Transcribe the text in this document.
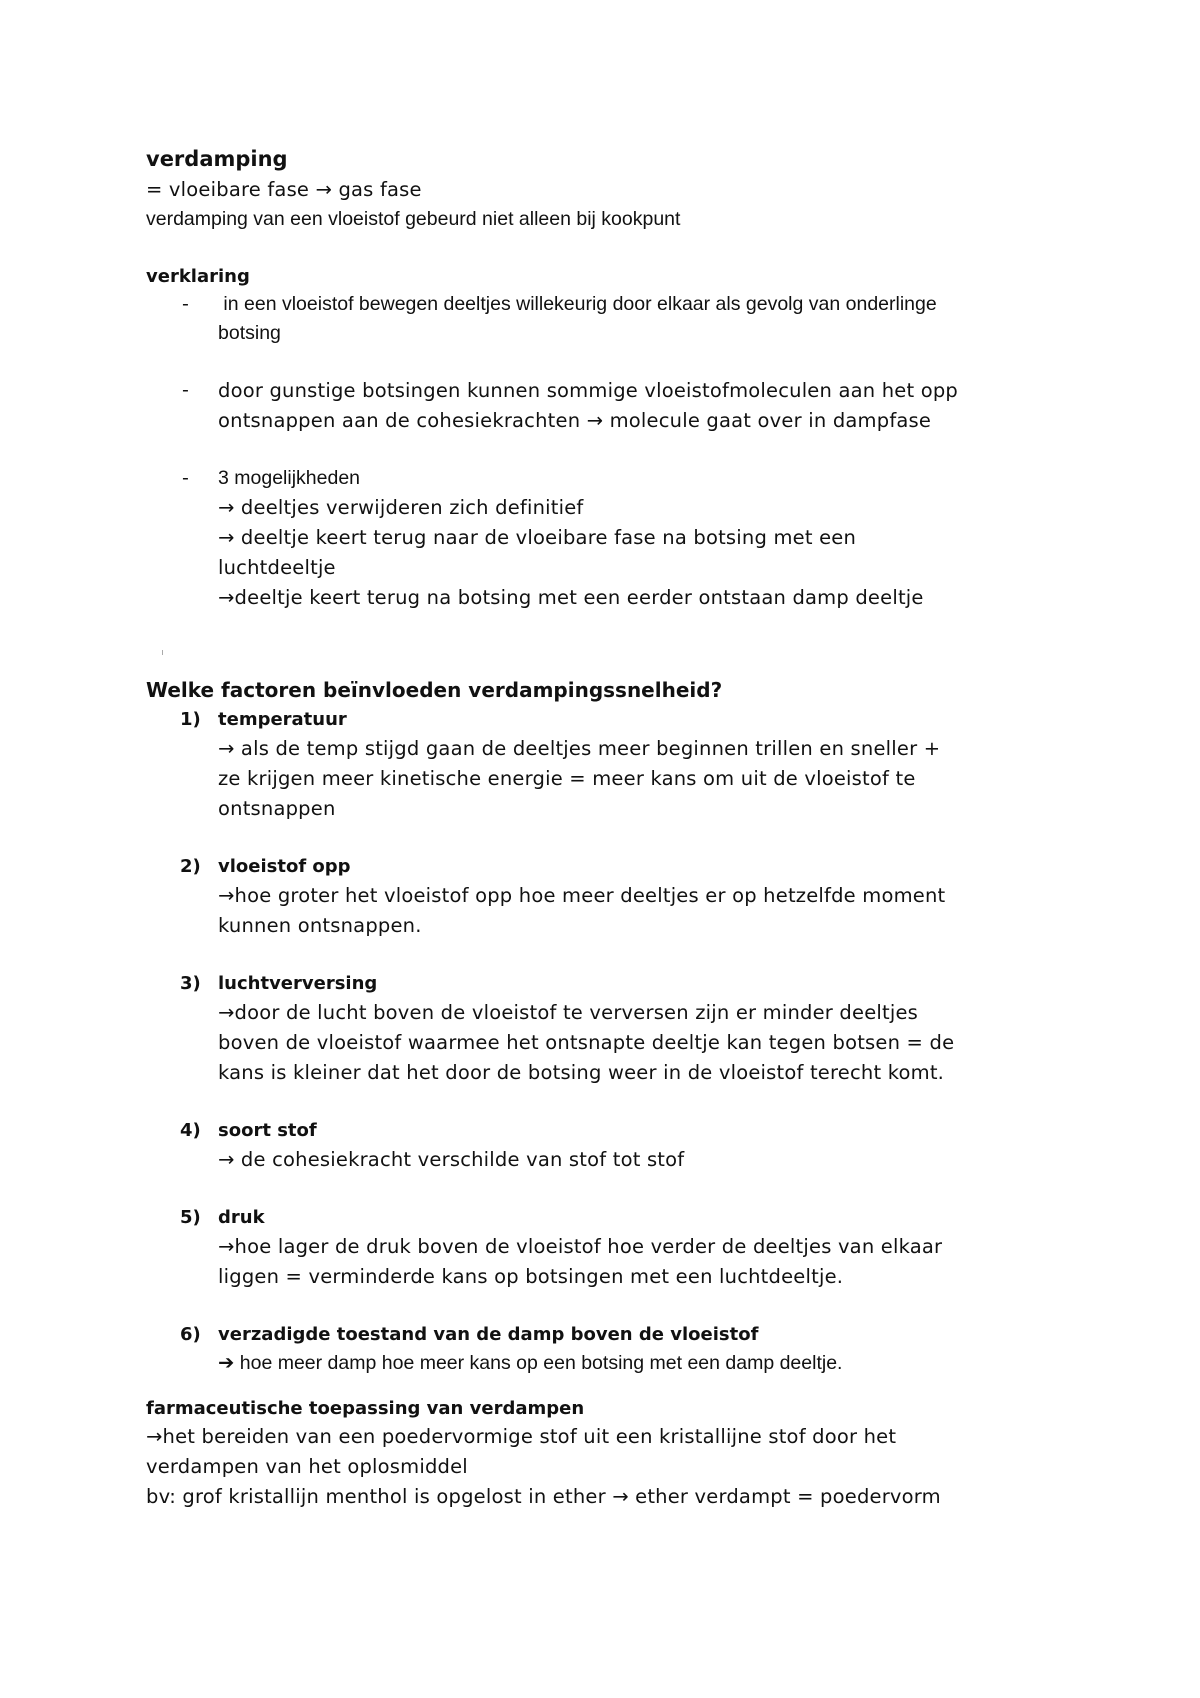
verdamping

= vloeibare fase → gas fase

verdamping van een vloeistof gebeurd niet alleen bij kookpunt

verklaring

-	in een vloeistof bewegen deeltjes willekeurig door elkaar als gevolg van onderlinge

botsing

-	door gunstige botsingen kunnen sommige vloeistofmoleculen aan het opp

ontsnappen aan de cohesiekrachten → molecule gaat over in dampfase

-	3 mogelijkheden

→ deeltjes verwijderen zich definitief

→ deeltje keert terug naar de vloeibare fase na botsing met een

luchtdeeltje

→deeltje keert terug na botsing met een eerder ontstaan damp deeltje

Welke factoren beïnvloeden verdampingssnelheid?

1) temperatuur

→ als de temp stijgd gaan de deeltjes meer beginnen trillen en sneller +

ze krijgen meer kinetische energie = meer kans om uit de vloeistof te

ontsnappen

2) vloeistof opp

→hoe groter het vloeistof opp hoe meer deeltjes er op hetzelfde moment

kunnen ontsnappen.

3) luchtverversing

→door de lucht boven de vloeistof te verversen zijn er minder deeltjes

boven de vloeistof waarmee het ontsnapte deeltje kan tegen botsen = de

kans is kleiner dat het door de botsing weer in de vloeistof terecht komt.

4) soort stof

→ de cohesiekracht verschilde van stof tot stof

5) druk

→hoe lager de druk boven de vloeistof hoe verder de deeltjes van elkaar

liggen = verminderde kans op botsingen met een luchtdeeltje.

6) verzadigde toestand van de damp boven de vloeistof

➔ hoe meer damp hoe meer kans op een botsing met een damp deeltje.

farmaceutische toepassing van verdampen

→het bereiden van een poedervormige stof uit een kristallijne stof door het

verdampen van het oplosmiddel

bv: grof kristallijn menthol is opgelost in ether → ether verdampt = poedervorm
